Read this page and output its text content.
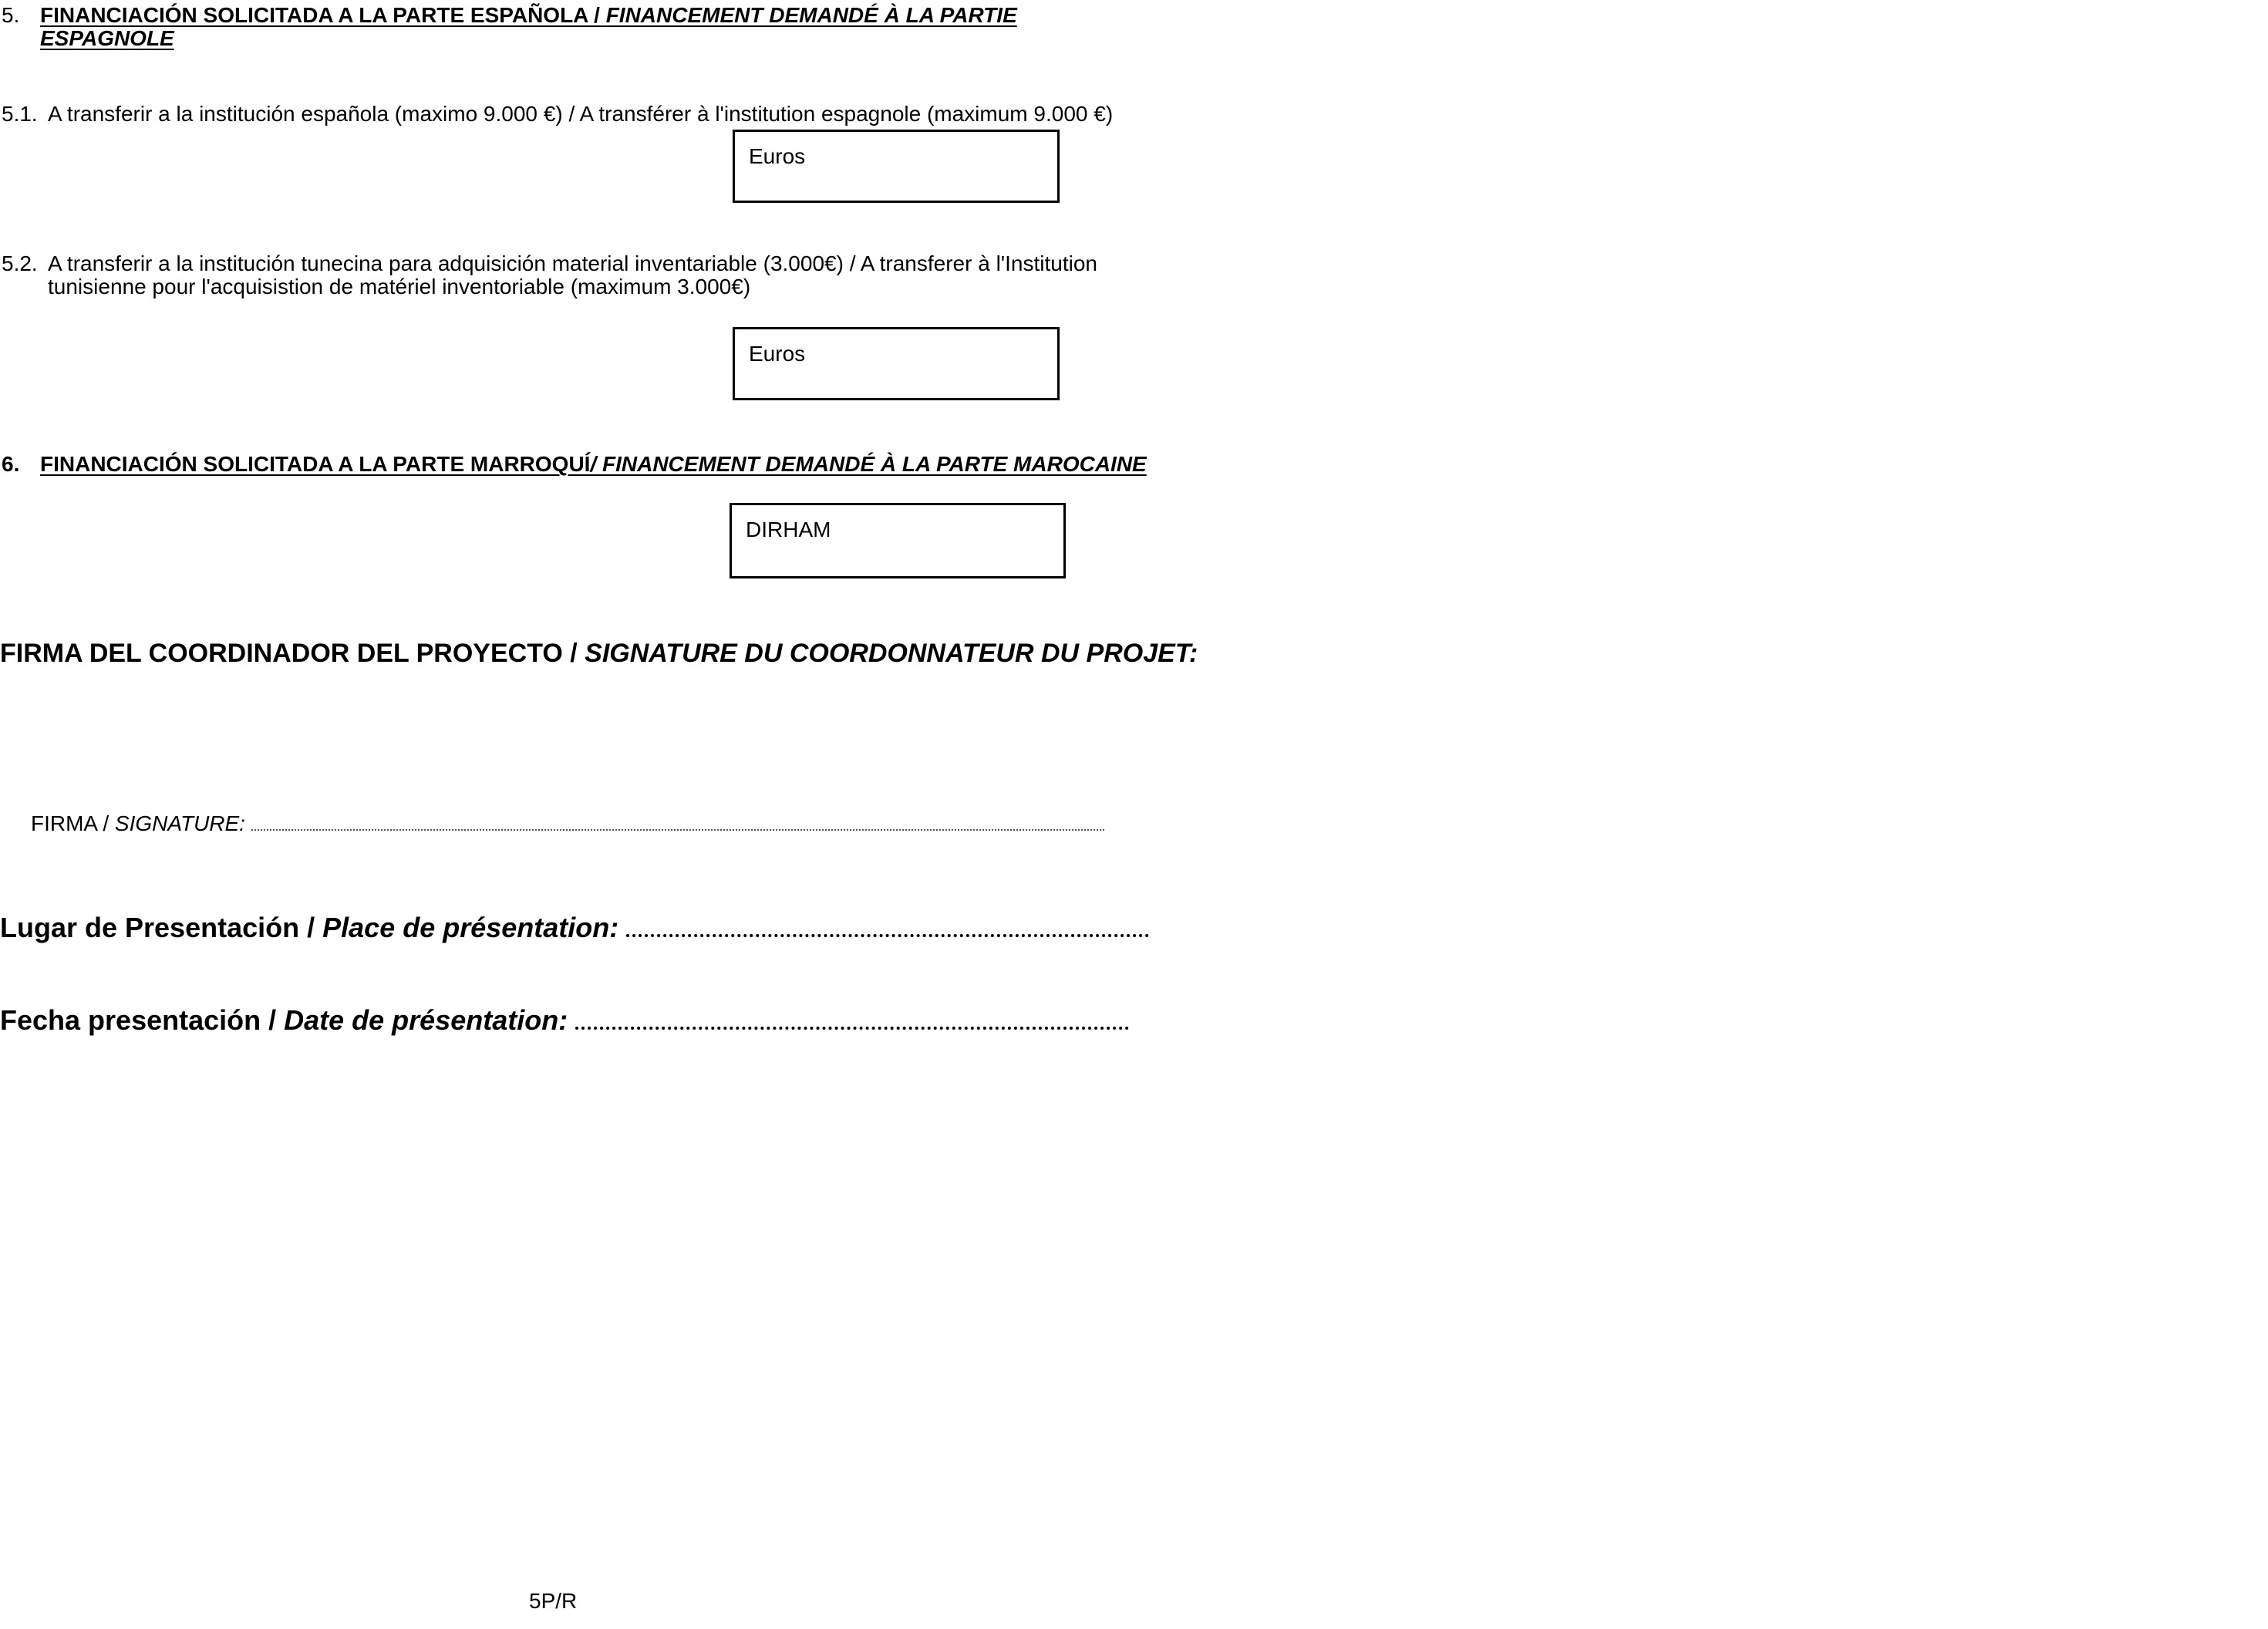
5. FINANCIACIÓN SOLICITADA A LA PARTE ESPAÑOLA / FINANCEMENT DEMANDÉ À LA PARTIE
ESPAGNOLE
5.1. A transferir a la institución española (maximo 9.000 €) / A transférer à l'institution espagnole (maximum 9.000 €)
Euros
5.2. A transferir a la institución tunecina para adquisición material inventariable (3.000€) / A transferer à l'Institution
tunisienne pour l'acquisistion de matériel inventoriable (maximum 3.000€)
Euros
6. FINANCIACIÓN SOLICITADA A LA PARTE MARROQUÍ/ FINANCEMENT DEMANDÉ À LA PARTE MAROCAINE
DIRHAM
FIRMA DEL COORDINADOR DEL PROYECTO / SIGNATURE DU COORDONNATEUR DU PROJET:
FIRMA / SIGNATURE:
Lugar de Presentación / Place de présentation:
Fecha presentación / Date de présentation:
5P/R
